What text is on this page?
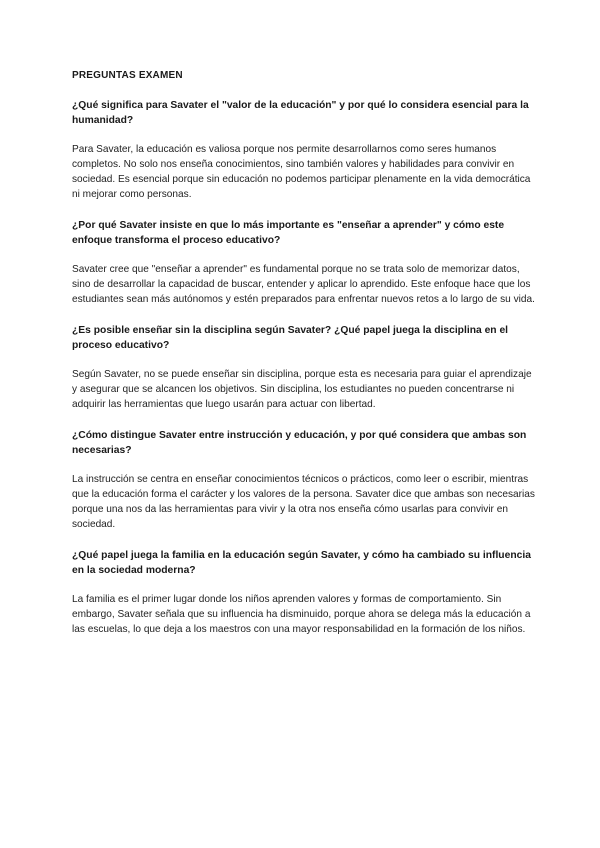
PREGUNTAS EXAMEN

¿Qué significa para Savater el "valor de la educación" y por qué lo considera esencial para la humanidad?

Para Savater, la educación es valiosa porque nos permite desarrollarnos como seres humanos completos. No solo nos enseña conocimientos, sino también valores y habilidades para convivir en sociedad. Es esencial porque sin educación no podemos participar plenamente en la vida democrática ni mejorar como personas.

¿Por qué Savater insiste en que lo más importante es "enseñar a aprender" y cómo este enfoque transforma el proceso educativo?

Savater cree que "enseñar a aprender" es fundamental porque no se trata solo de memorizar datos, sino de desarrollar la capacidad de buscar, entender y aplicar lo aprendido. Este enfoque hace que los estudiantes sean más autónomos y estén preparados para enfrentar nuevos retos a lo largo de su vida.

¿Es posible enseñar sin la disciplina según Savater? ¿Qué papel juega la disciplina en el proceso educativo?

Según Savater, no se puede enseñar sin disciplina, porque esta es necesaria para guiar el aprendizaje y asegurar que se alcancen los objetivos. Sin disciplina, los estudiantes no pueden concentrarse ni adquirir las herramientas que luego usarán para actuar con libertad.

¿Cómo distingue Savater entre instrucción y educación, y por qué considera que ambas son necesarias?

La instrucción se centra en enseñar conocimientos técnicos o prácticos, como leer o escribir, mientras que la educación forma el carácter y los valores de la persona. Savater dice que ambas son necesarias porque una nos da las herramientas para vivir y la otra nos enseña cómo usarlas para convivir en sociedad.

¿Qué papel juega la familia en la educación según Savater, y cómo ha cambiado su influencia en la sociedad moderna?

La familia es el primer lugar donde los niños aprenden valores y formas de comportamiento. Sin embargo, Savater señala que su influencia ha disminuido, porque ahora se delega más la educación a las escuelas, lo que deja a los maestros con una mayor responsabilidad en la formación de los niños.
